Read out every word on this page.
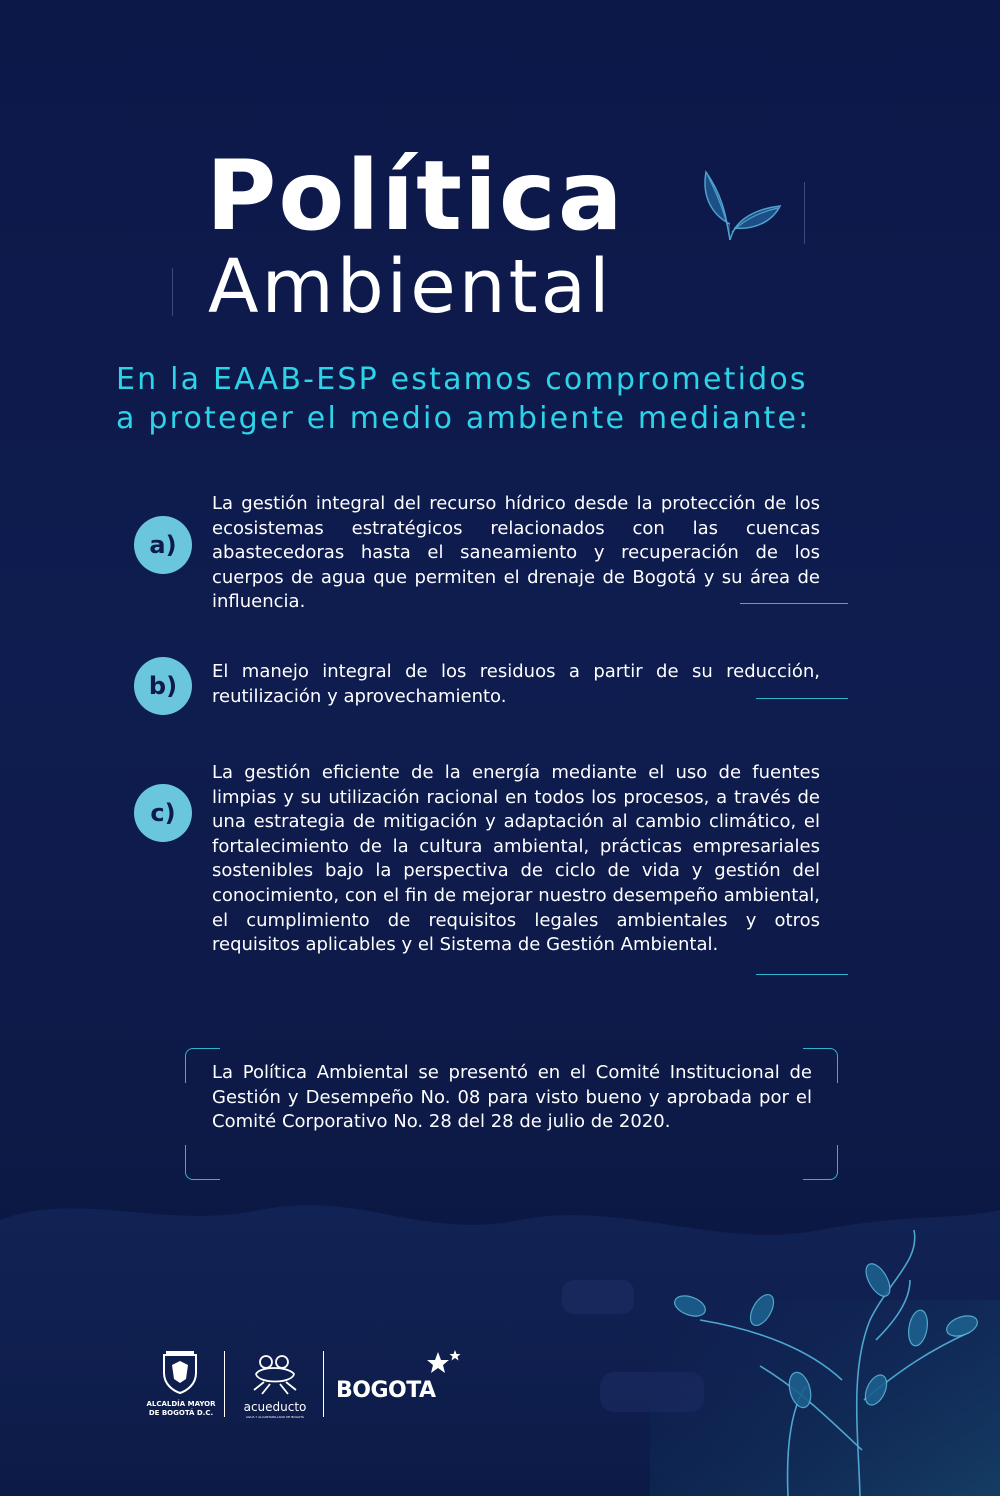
Política
Ambiental
En la EAAB-ESP estamos comprometidos
a proteger el medio ambiente mediante:
a)
La gestión integral del recurso hídrico desde la protección de los ecosistemas estratégicos relacionados con las cuencas abastecedoras hasta el saneamiento y recuperación de los cuerpos de agua que permiten el drenaje de Bogotá y su área de influencia.
b)
El manejo integral de los residuos a partir de su reducción, reutilización y aprovechamiento.
c)
La gestión eficiente de la energía mediante el uso de fuentes limpias y su utilización racional en todos los procesos, a través de una estrategia de mitigación y adaptación al cambio climático, el fortalecimiento de la cultura ambiental, prácticas empresariales sostenibles bajo la perspectiva de ciclo de vida y gestión del conocimiento, con el fin de mejorar nuestro desempeño ambiental, el cumplimiento de requisitos legales ambientales y otros requisitos aplicables y el Sistema de Gestión Ambiental.
La Política Ambiental se presentó en el Comité Institucional de Gestión y Desempeño No. 08 para visto bueno y aprobada por el Comité Corporativo No. 28 del 28 de julio de 2020.
ALCALDÍA MAYOR
DE BOGOTÁ D.C.	acueducto
AGUA Y ALCANTARILLADO DE BOGOTÁ
BOGOTA
